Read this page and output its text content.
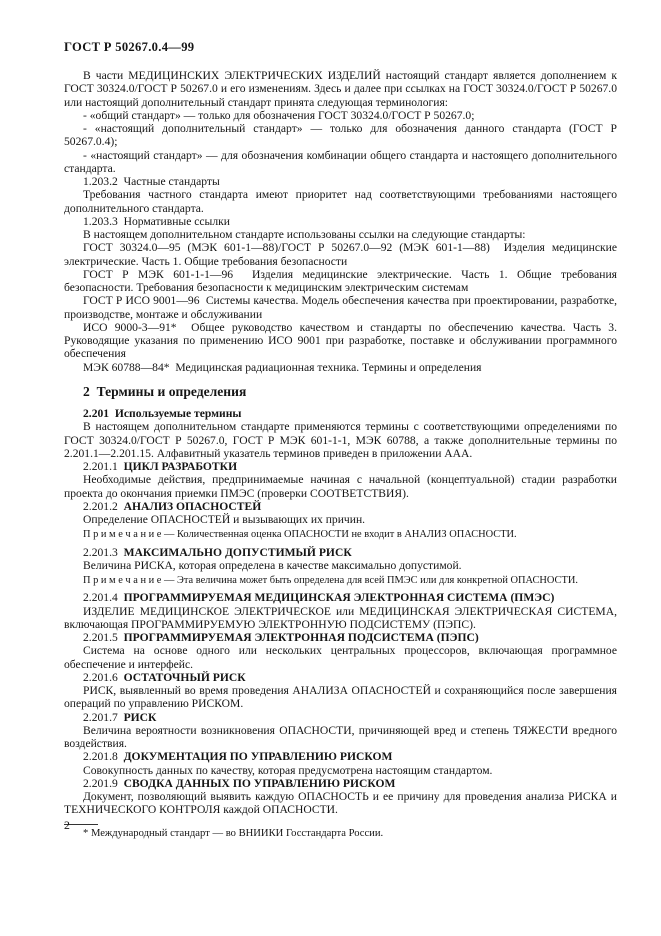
ГОСТ Р 50267.0.4—99

В части МЕДИЦИНСКИХ ЭЛЕКТРИЧЕСКИХ ИЗДЕЛИЙ настоящий стандарт является дополнением к ГОСТ 30324.0/ГОСТ Р 50267.0 и его изменениям. Здесь и далее при ссылках на ГОСТ 30324.0/ГОСТ Р 50267.0 или настоящий дополнительный стандарт принята следующая терминология:

- «общий стандарт» — только для обозначения ГОСТ 30324.0/ГОСТ Р 50267.0;

- «настоящий дополнительный стандарт» — только для обозначения данного стандарта (ГОСТ Р 50267.0.4);

- «настоящий стандарт» — для обозначения комбинации общего стандарта и настоящего дополнительного стандарта.

1.203.2  Частные стандарты

Требования частного стандарта имеют приоритет над соответствующими требованиями настоящего дополнительного стандарта.

1.203.3  Нормативные ссылки

В настоящем дополнительном стандарте использованы ссылки на следующие стандарты:

ГОСТ 30324.0—95 (МЭК 601-1—88)/ГОСТ Р 50267.0—92 (МЭК 601-1—88)  Изделия медицинские электрические. Часть 1. Общие требования безопасности

ГОСТ Р МЭК 601-1-1—96  Изделия медицинские электрические. Часть 1. Общие требования безопасности. Требования безопасности к медицинским электрическим системам

ГОСТ Р ИСО 9001—96  Системы качества. Модель обеспечения качества при проектировании, разработке, производстве, монтаже и обслуживании

ИСО 9000-3—91*  Общее руководство качеством и стандарты по обеспечению качества. Часть 3. Руководящие указания по применению ИСО 9001 при разработке, поставке и обслуживании программного обеспечения

МЭК 60788—84*  Медицинская радиационная техника. Термины и определения

2  Термины и определения

2.201  Используемые термины

В настоящем дополнительном стандарте применяются термины с соответствующими определениями по ГОСТ 30324.0/ГОСТ Р 50267.0, ГОСТ Р МЭК 601-1-1, МЭК 60788, а также дополнительные термины по 2.201.1—2.201.15. Алфавитный указатель терминов приведен в приложении ААА.

2.201.1  ЦИКЛ РАЗРАБОТКИ

Необходимые действия, предпринимаемые начиная с начальной (концептуальной) стадии разработки проекта до окончания приемки ПМЭС (проверки СООТВЕТСТВИЯ).

2.201.2  АНАЛИЗ ОПАСНОСТЕЙ

Определение ОПАСНОСТЕЙ и вызывающих их причин.

П р и м е ч а н и е — Количественная оценка ОПАСНОСТИ не входит в АНАЛИЗ ОПАСНОСТИ.

2.201.3  МАКСИМАЛЬНО ДОПУСТИМЫЙ РИСК

Величина РИСКА, которая определена в качестве максимально допустимой.

П р и м е ч а н и е — Эта величина может быть определена для всей ПМЭС или для конкретной ОПАСНОСТИ.

2.201.4  ПРОГРАММИРУЕМАЯ МЕДИЦИНСКАЯ ЭЛЕКТРОННАЯ СИСТЕМА (ПМЭС)

ИЗДЕЛИЕ МЕДИЦИНСКОЕ ЭЛЕКТРИЧЕСКОЕ или МЕДИЦИНСКАЯ ЭЛЕКТРИЧЕСКАЯ СИСТЕМА, включающая ПРОГРАММИРУЕМУЮ ЭЛЕКТРОННУЮ ПОДСИСТЕМУ (ПЭПС).

2.201.5  ПРОГРАММИРУЕМАЯ ЭЛЕКТРОННАЯ ПОДСИСТЕМА (ПЭПС)

Система на основе одного или нескольких центральных процессоров, включающая программное обеспечение и интерфейс.

2.201.6  ОСТАТОЧНЫЙ РИСК

РИСК, выявленный во время проведения АНАЛИЗА ОПАСНОСТЕЙ и сохраняющийся после завершения операций по управлению РИСКОМ.

2.201.7  РИСК

Величина вероятности возникновения ОПАСНОСТИ, причиняющей вред и степень ТЯЖЕСТИ вредного воздействия.

2.201.8  ДОКУМЕНТАЦИЯ ПО УПРАВЛЕНИЮ РИСКОМ

Совокупность данных по качеству, которая предусмотрена настоящим стандартом.

2.201.9  СВОДКА ДАННЫХ ПО УПРАВЛЕНИЮ РИСКОМ

Документ, позволяющий выявить каждую ОПАСНОСТЬ и ее причину для проведения анализа РИСКА и ТЕХНИЧЕСКОГО КОНТРОЛЯ каждой ОПАСНОСТИ.

* Международный стандарт — во ВНИИКИ Госстандарта России.
2
